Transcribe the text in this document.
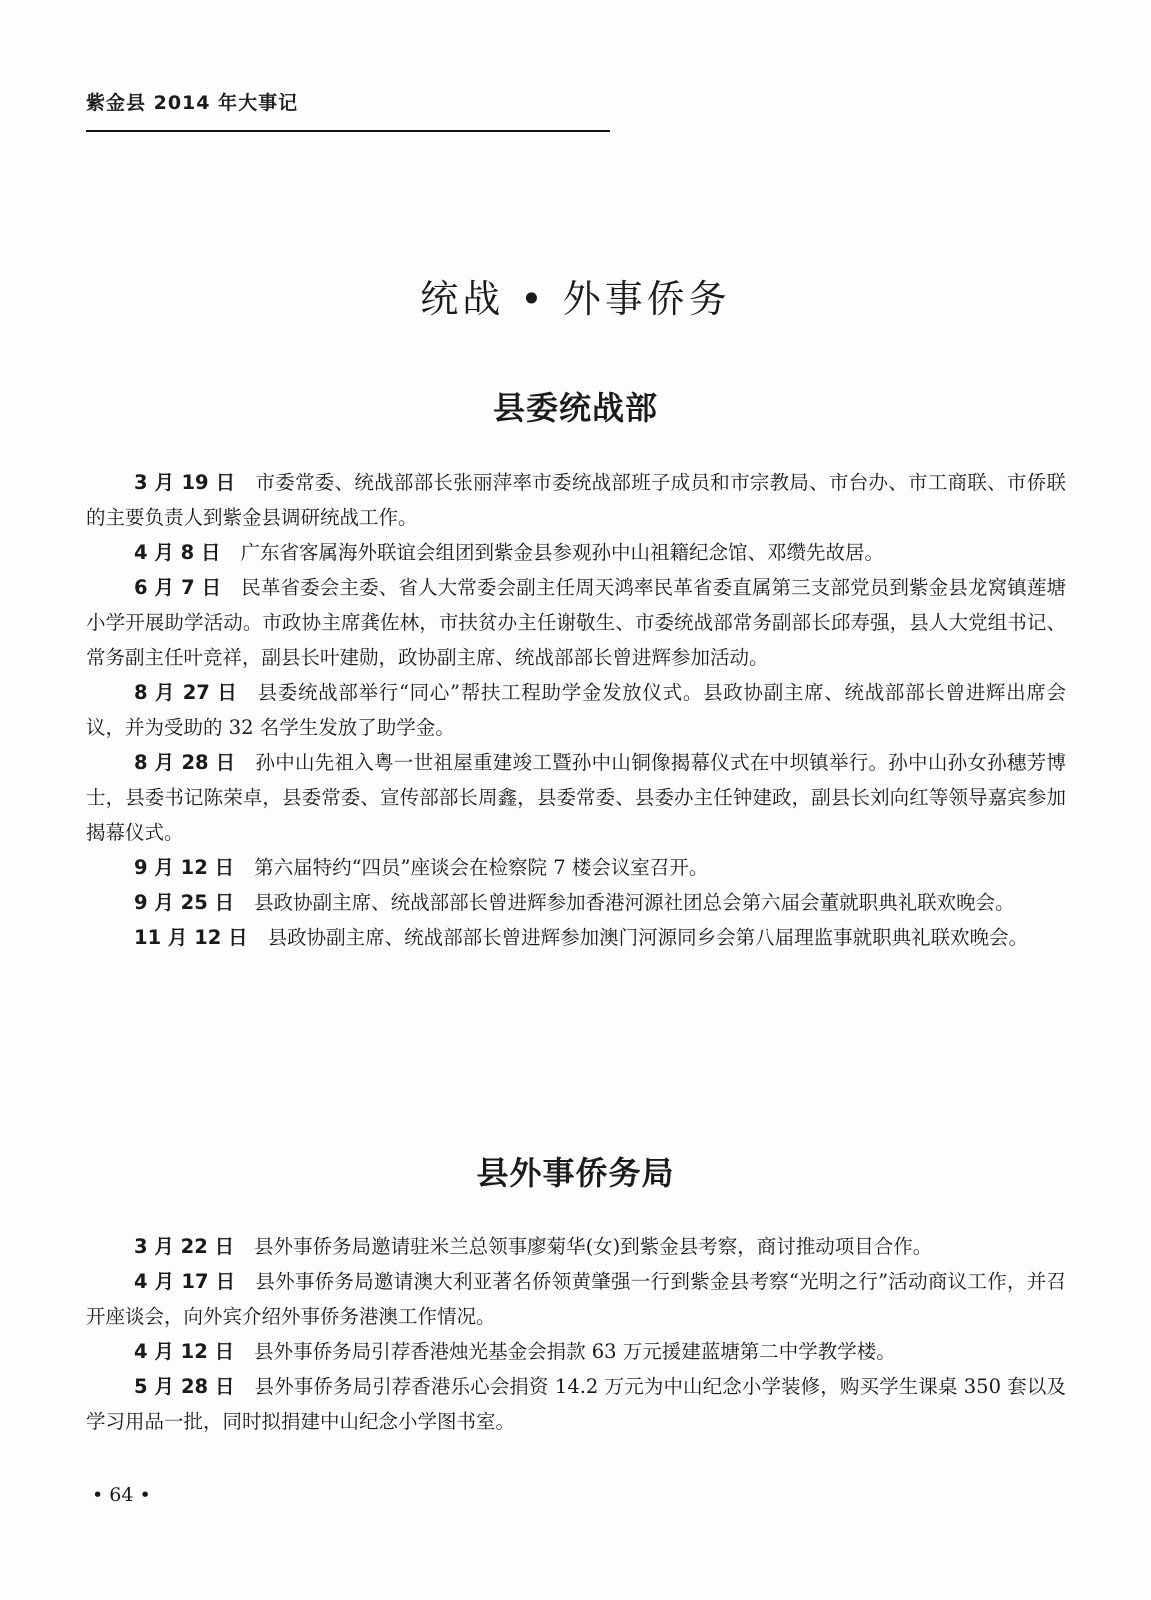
紫金县 2014 年大事记
统战 • 外事侨务
县委统战部

3 月 19 日 市委常委、统战部部长张丽萍率市委统战部班子成员和市宗教局、市台办、市工商联、市侨联的主要负责人到紫金县调研统战工作。

4 月 8 日 广东省客属海外联谊会组团到紫金县参观孙中山祖籍纪念馆、邓缵先故居。

6 月 7 日 民革省委会主委、省人大常委会副主任周天鸿率民革省委直属第三支部党员到紫金县龙窝镇莲塘小学开展助学活动。市政协主席龚佐林，市扶贫办主任谢敬生、市委统战部常务副部长邱寿强，县人大党组书记、常务副主任叶竞祥，副县长叶建勋，政协副主席、统战部部长曾进辉参加活动。

8 月 27 日 县委统战部举行“同心”帮扶工程助学金发放仪式。县政协副主席、统战部部长曾进辉出席会议，并为受助的 32 名学生发放了助学金。

8 月 28 日 孙中山先祖入粤一世祖屋重建竣工暨孙中山铜像揭幕仪式在中坝镇举行。孙中山孙女孙穗芳博士，县委书记陈荣卓，县委常委、宣传部部长周鑫，县委常委、县委办主任钟建政，副县长刘向红等领导嘉宾参加揭幕仪式。

9 月 12 日 第六届特约“四员”座谈会在检察院 7 楼会议室召开。

9 月 25 日 县政协副主席、统战部部长曾进辉参加香港河源社团总会第六届会董就职典礼联欢晚会。

11 月 12 日 县政协副主席、统战部部长曾进辉参加澳门河源同乡会第八届理监事就职典礼联欢晚会。

县外事侨务局

3 月 22 日 县外事侨务局邀请驻米兰总领事廖菊华(女)到紫金县考察，商讨推动项目合作。

4 月 17 日 县外事侨务局邀请澳大利亚著名侨领黄肇强一行到紫金县考察“光明之行”活动商议工作，并召开座谈会，向外宾介绍外事侨务港澳工作情况。

4 月 12 日 县外事侨务局引荐香港烛光基金会捐款 63 万元援建蓝塘第二中学教学楼。

5 月 28 日 县外事侨务局引荐香港乐心会捐资 14.2 万元为中山纪念小学装修，购买学生课桌 350 套以及学习用品一批，同时拟捐建中山纪念小学图书室。

• 64 •
